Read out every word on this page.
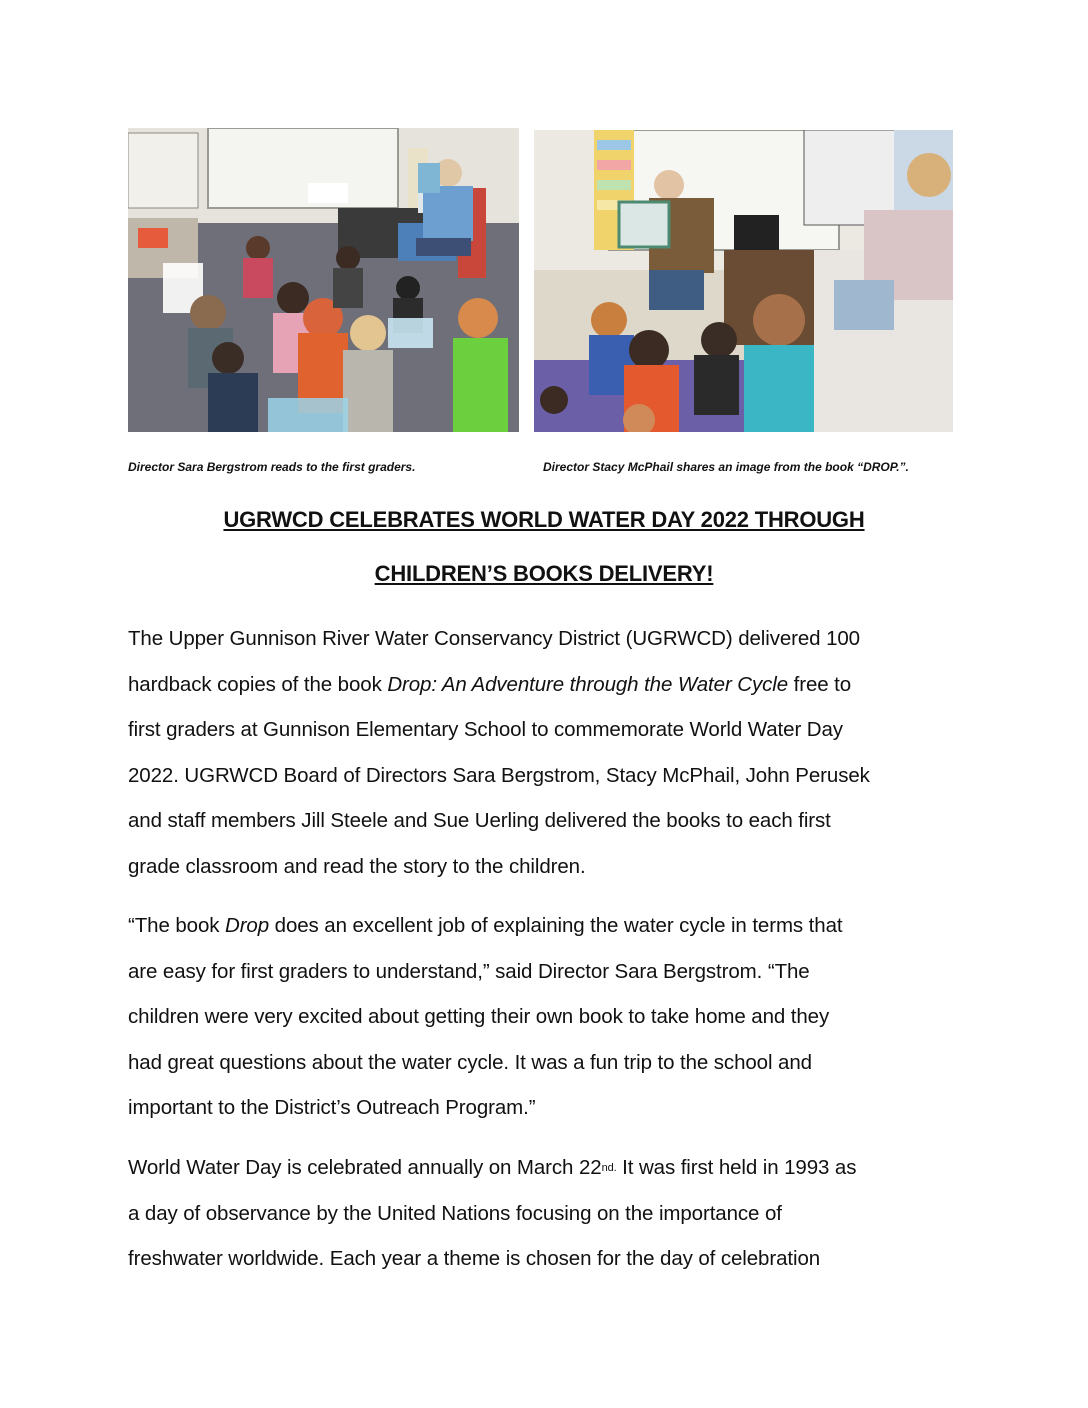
Director Sara Bergstrom reads to the first graders.	Director Stacy McPhail shares an image from the book “DROP.”.
UGRWCD CELEBRATES WORLD WATER DAY 2022 THROUGH
CHILDREN’S BOOKS DELIVERY!

The Upper Gunnison River Water Conservancy District (UGRWCD) delivered 100

hardback copies of the book Drop: An Adventure through the Water Cycle free to

first graders at Gunnison Elementary School to commemorate World Water Day

2022. UGRWCD Board of Directors Sara Bergstrom, Stacy McPhail, John Perusek

and staff members Jill Steele and Sue Uerling delivered the books to each first

grade classroom and read the story to the children.

“The book Drop does an excellent job of explaining the water cycle in terms that

are easy for first graders to understand,” said Director Sara Bergstrom. “The

children were very excited about getting their own book to take home and they

had great questions about the water cycle. It was a fun trip to the school and

important to the District’s Outreach Program.”

World Water Day is celebrated annually on March $22^{nd.}$ It was first held in 1993 as

a day of observance by the United Nations focusing on the importance of

freshwater worldwide. Each year a theme is chosen for the day of celebration
